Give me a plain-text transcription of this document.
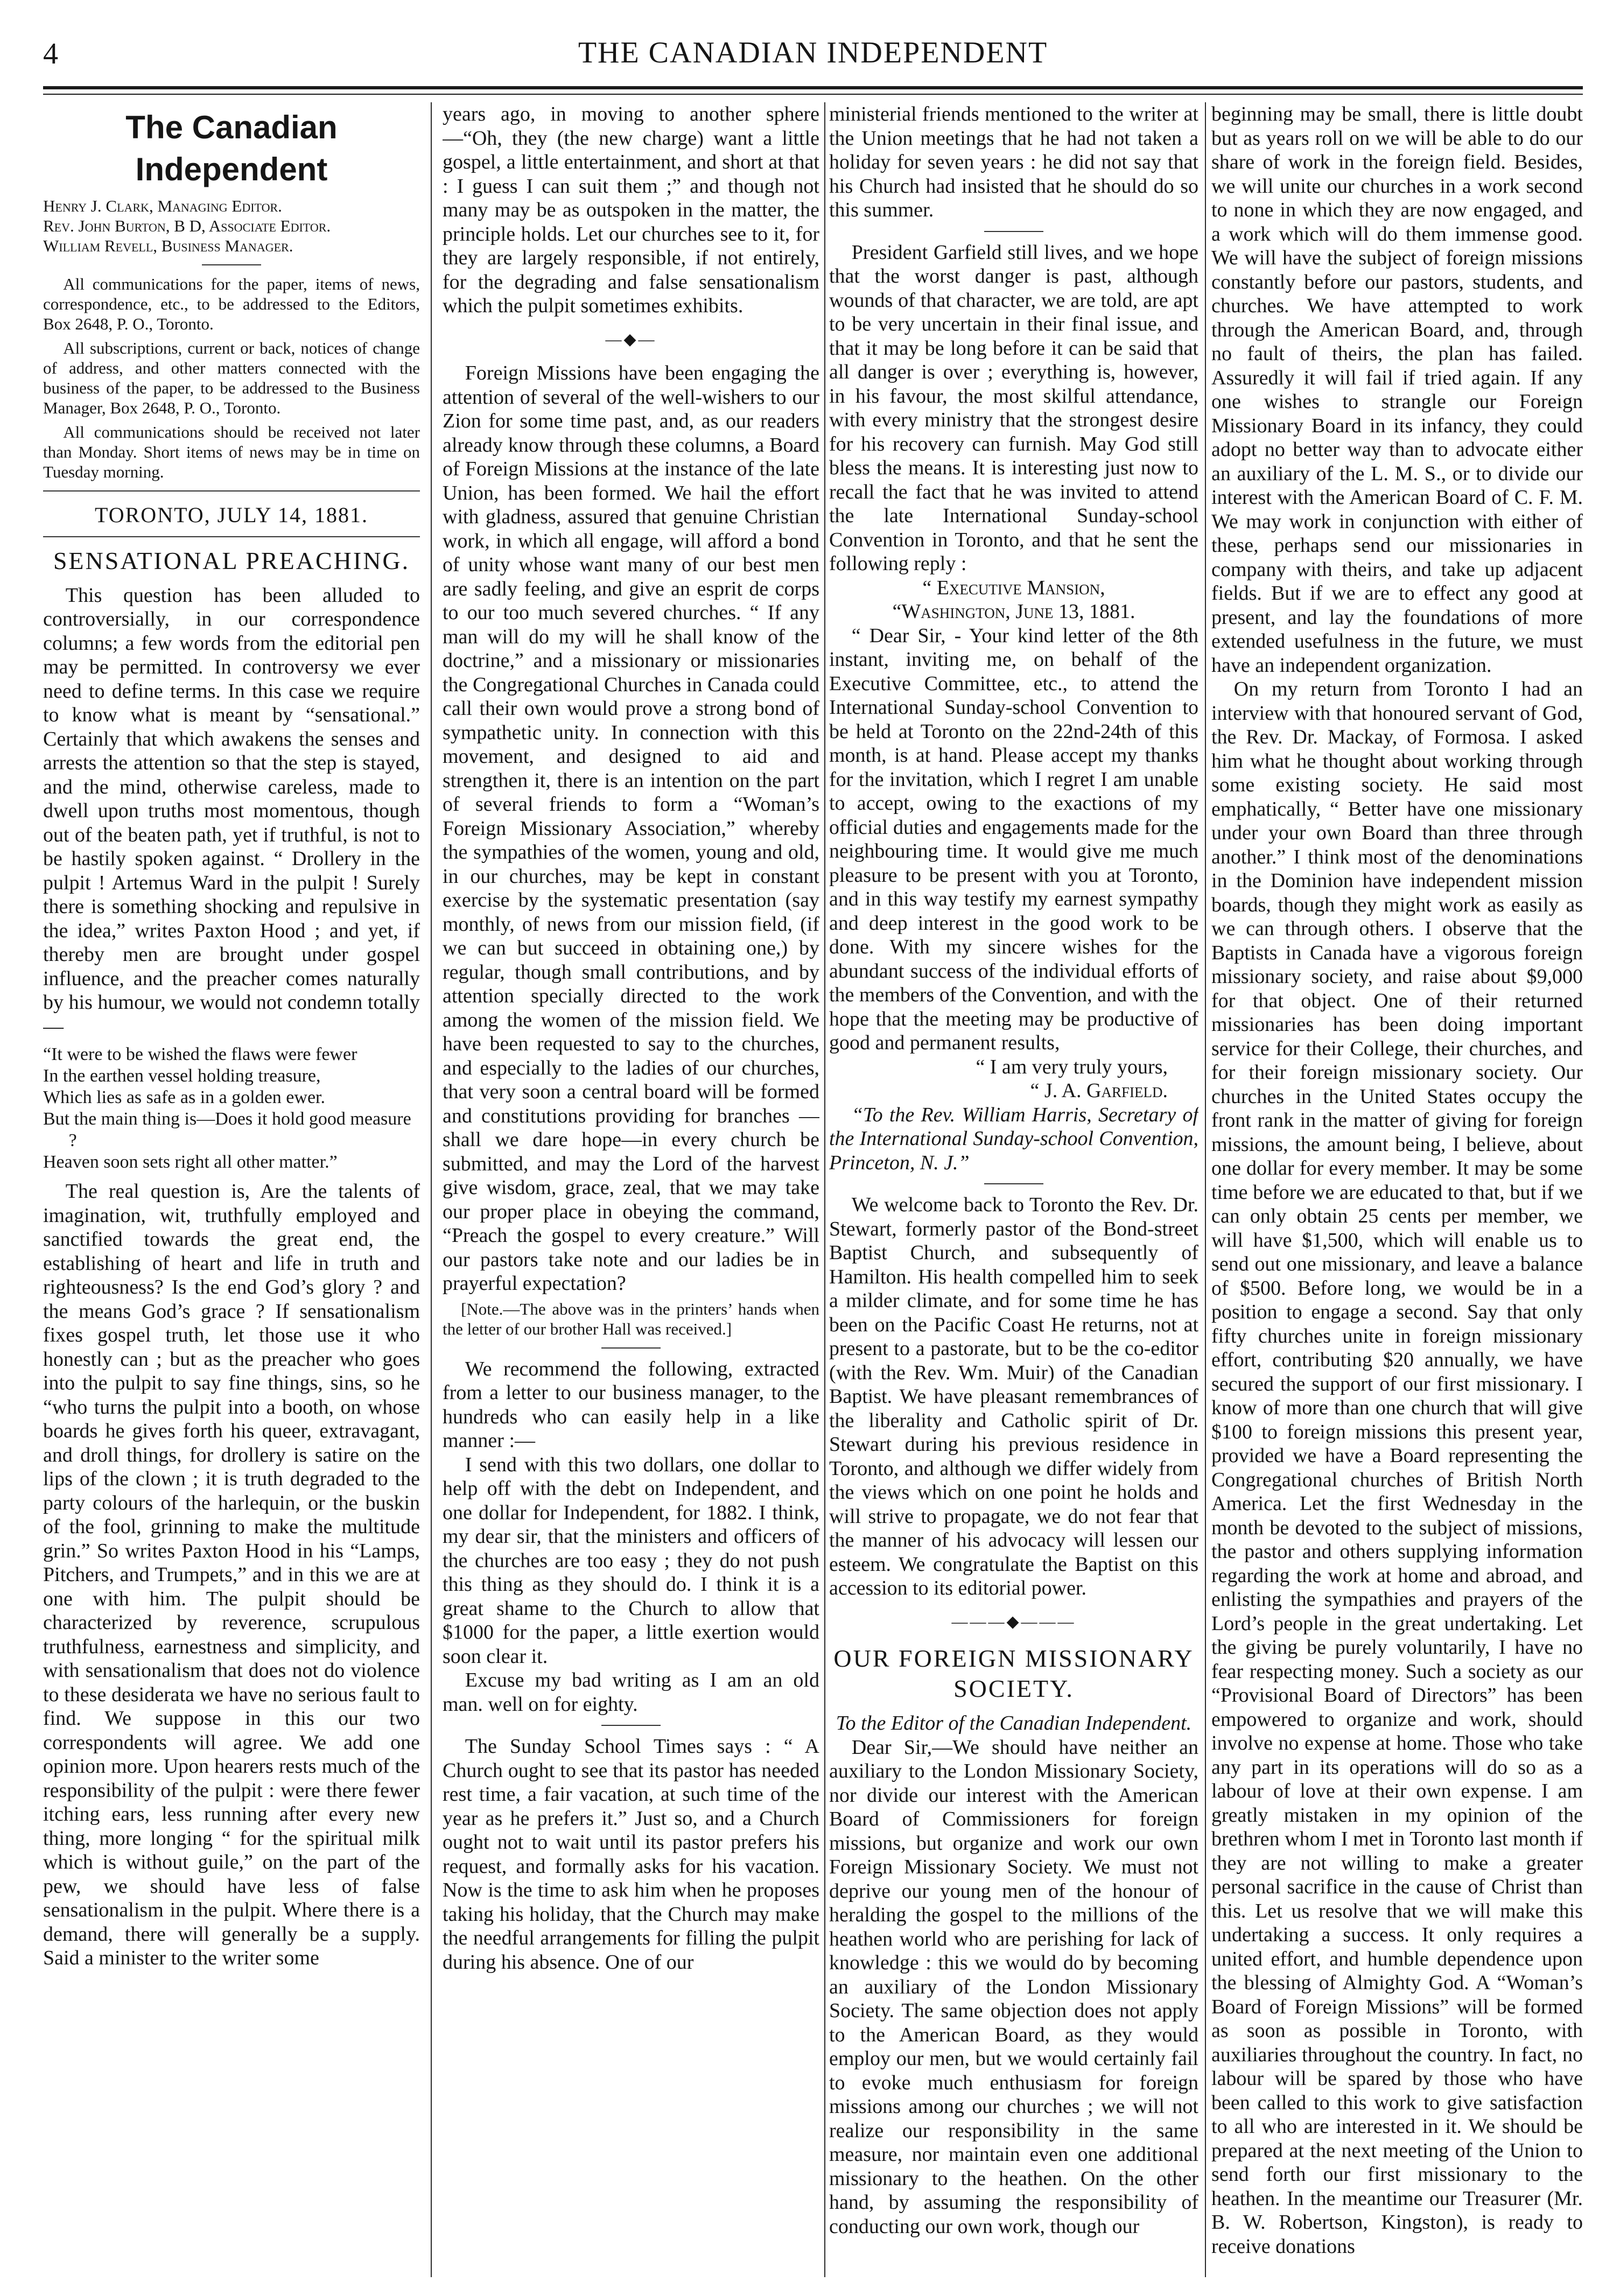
4	THE CANADIAN INDEPENDENT
The Canadian Independent

Henry J. Clark, Managing Editor.

Rev. John Burton, B D, Associate Editor.

William Revell, Business Manager.

All communications for the paper, items of news, correspondence, etc., to be addressed to the Editors, Box 2648, P. O., Toronto.

All subscriptions, current or back, notices of change of address, and other matters connected with the business of the paper, to be addressed to the Business Manager, Box 2648, P. O., Toronto.

All communications should be received not later than Monday. Short items of news may be in time on Tuesday morning.

TORONTO, JULY 14, 1881.
SENSATIONAL PREACHING.

This question has been alluded to controversially, in our correspondence columns; a few words from the editorial pen may be permitted. In controversy we ever need to define terms. In this case we require to know what is meant by “sensational.” Certainly that which awakens the senses and arrests the attention so that the step is stayed, and the mind, otherwise careless, made to dwell upon truths most momentous, though out of the beaten path, yet if truthful, is not to be hastily spoken against. “ Drollery in the pulpit ! Artemus Ward in the pulpit ! Surely there is something shocking and repulsive in the idea,” writes Paxton Hood ; and yet, if thereby men are brought under gospel influence, and the preacher comes naturally by his humour, we would not condemn totally —

“It were to be wished the flaws were fewer
In the earthen vessel holding treasure,
Which lies as safe as in a golden ewer.
But the main thing is—Does it hold good measure ?
Heaven soon sets right all other matter.”

The real question is, Are the talents of imagination, wit, truthfully employed and sanctified towards the great end, the establishing of heart and life in truth and righteousness? Is the end God’s glory ? and the means God’s grace ? If sensationalism fixes gospel truth, let those use it who honestly can ; but as the preacher who goes into the pulpit to say fine things, sins, so he “who turns the pulpit into a booth, on whose boards he gives forth his queer, extravagant, and droll things, for drollery is satire on the lips of the clown ; it is truth degraded to the party colours of the harlequin, or the buskin of the fool, grinning to make the multitude grin.” So writes Paxton Hood in his “Lamps, Pitchers, and Trumpets,” and in this we are at one with him. The pulpit should be characterized by reverence, scrupulous truthfulness, earnestness and simplicity, and with sensationalism that does not do violence to these desiderata we have no serious fault to find. We suppose in this our two correspondents will agree. We add one opinion more. Upon hearers rests much of the responsibility of the pulpit : were there fewer itching ears, less running after every new thing, more longing “ for the spiritual milk which is without guile,” on the part of the pew, we should have less of false sensationalism in the pulpit. Where there is a demand, there will generally be a supply. Said a minister to the writer some

years ago, in moving to another sphere—“Oh, they (the new charge) want a little gospel, a little entertainment, and short at that : I guess I can suit them ;” and though not many may be as outspoken in the matter, the principle holds. Let our churches see to it, for they are largely responsible, if not entirely, for the degrading and false sensationalism which the pulpit sometimes exhibits.

—◆—

Foreign Missions have been engaging the attention of several of the well-wishers to our Zion for some time past, and, as our readers already know through these columns, a Board of Foreign Missions at the instance of the late Union, has been formed. We hail the effort with gladness, assured that genuine Christian work, in which all engage, will afford a bond of unity whose want many of our best men are sadly feeling, and give an esprit de corps to our too much severed churches. “ If any man will do my will he shall know of the doctrine,” and a missionary or missionaries the Congregational Churches in Canada could call their own would prove a strong bond of sympathetic unity. In connection with this movement, and designed to aid and strengthen it, there is an intention on the part of several friends to form a “Woman’s Foreign Missionary Association,” whereby the sympathies of the women, young and old, in our churches, may be kept in constant exercise by the systematic presentation (say monthly, of news from our mission field, (if we can but succeed in obtaining one,) by regular, though small contributions, and by attention specially directed to the work among the women of the mission field. We have been requested to say to the churches, and especially to the ladies of our churches, that very soon a central board will be formed and constitutions providing for branches —shall we dare hope—in every church be submitted, and may the Lord of the harvest give wisdom, grace, zeal, that we may take our proper place in obeying the command, “Preach the gospel to every creature.” Will our pastors take note and our ladies be in prayerful expectation?

[Note.—The above was in the printers’ hands when the letter of our brother Hall was received.]

We recommend the following, extracted from a letter to our business manager, to the hundreds who can easily help in a like manner :—

I send with this two dollars, one dollar to help off with the debt on Independent, and one dollar for Independent, for 1882. I think, my dear sir, that the ministers and officers of the churches are too easy ; they do not push this thing as they should do. I think it is a great shame to the Church to allow that $1000 for the paper, a little exertion would soon clear it.

Excuse my bad writing as I am an old man. well on for eighty.

The Sunday School Times says : “ A Church ought to see that its pastor has needed rest time, a fair vacation, at such time of the year as he prefers it.” Just so, and a Church ought not to wait until its pastor prefers his request, and formally asks for his vacation. Now is the time to ask him when he proposes taking his holiday, that the Church may make the needful arrangements for filling the pulpit during his absence. One of our

ministerial friends mentioned to the writer at the Union meetings that he had not taken a holiday for seven years : he did not say that his Church had insisted that he should do so this summer.

President Garfield still lives, and we hope that the worst danger is past, although wounds of that character, we are told, are apt to be very uncertain in their final issue, and that it may be long before it can be said that all danger is over ; everything is, however, in his favour, the most skilful attendance, with every ministry that the strongest desire for his recovery can furnish. May God still bless the means. It is interesting just now to recall the fact that he was invited to attend the late International Sunday-school Convention in Toronto, and that he sent the following reply :

“ Executive Mansion,

“Washington, June 13, 1881.

“ Dear Sir, - Your kind letter of the 8th instant, inviting me, on behalf of the Executive Committee, etc., to attend the International Sunday-school Convention to be held at Toronto on the 22nd-24th of this month, is at hand. Please accept my thanks for the invitation, which I regret I am unable to accept, owing to the exactions of my official duties and engagements made for the neighbouring time. It would give me much pleasure to be present with you at Toronto, and in this way testify my earnest sympathy and deep interest in the good work to be done. With my sincere wishes for the abundant success of the individual efforts of the members of the Convention, and with the hope that the meeting may be productive of good and permanent results,

“ I am very truly yours,

“ J. A. Garfield.

“To the Rev. William Harris, Secretary of the International Sunday-school Convention, Princeton, N. J.”

We welcome back to Toronto the Rev. Dr. Stewart, formerly pastor of the Bond-street Baptist Church, and subsequently of Hamilton. His health compelled him to seek a milder climate, and for some time he has been on the Pacific Coast He returns, not at present to a pastorate, but to be the co-editor (with the Rev. Wm. Muir) of the Canadian Baptist. We have pleasant remembrances of the liberality and Catholic spirit of Dr. Stewart during his previous residence in Toronto, and although we differ widely from the views which on one point he holds and will strive to propagate, we do not fear that the manner of his advocacy will lessen our esteem. We congratulate the Baptist on this accession to its editorial power.

———◆———
OUR FOREIGN MISSIONARY SOCIETY.

To the Editor of the Canadian Independent.

Dear Sir,—We should have neither an auxiliary to the London Missionary Society, nor divide our interest with the American Board of Commissioners for foreign missions, but organize and work our own Foreign Missionary Society. We must not deprive our young men of the honour of heralding the gospel to the millions of the heathen world who are perishing for lack of knowledge : this we would do by becoming an auxiliary of the London Missionary Society. The same objection does not apply to the American Board, as they would employ our men, but we would certainly fail to evoke much enthusiasm for foreign missions among our churches ; we will not realize our responsibility in the same measure, nor maintain even one additional missionary to the heathen. On the other hand, by assuming the responsibility of conducting our own work, though our

beginning may be small, there is little doubt but as years roll on we will be able to do our share of work in the foreign field. Besides, we will unite our churches in a work second to none in which they are now engaged, and a work which will do them immense good. We will have the subject of foreign missions constantly before our pastors, students, and churches. We have attempted to work through the American Board, and, through no fault of theirs, the plan has failed. Assuredly it will fail if tried again. If any one wishes to strangle our Foreign Missionary Board in its infancy, they could adopt no better way than to advocate either an auxiliary of the L. M. S., or to divide our interest with the American Board of C. F. M. We may work in conjunction with either of these, perhaps send our missionaries in company with theirs, and take up adjacent fields. But if we are to effect any good at present, and lay the foundations of more extended usefulness in the future, we must have an independent organization.

On my return from Toronto I had an interview with that honoured servant of God, the Rev. Dr. Mackay, of Formosa. I asked him what he thought about working through some existing society. He said most emphatically, “ Better have one missionary under your own Board than three through another.” I think most of the denominations in the Dominion have independent mission boards, though they might work as easily as we can through others. I observe that the Baptists in Canada have a vigorous foreign missionary society, and raise about $9,000 for that object. One of their returned missionaries has been doing important service for their College, their churches, and for their foreign missionary society. Our churches in the United States occupy the front rank in the matter of giving for foreign missions, the amount being, I believe, about one dollar for every member. It may be some time before we are educated to that, but if we can only obtain 25 cents per member, we will have $1,500, which will enable us to send out one missionary, and leave a balance of $500. Before long, we would be in a position to engage a second. Say that only fifty churches unite in foreign missionary effort, contributing $20 annually, we have secured the support of our first missionary. I know of more than one church that will give $100 to foreign missions this present year, provided we have a Board representing the Congregational churches of British North America. Let the first Wednesday in the month be devoted to the subject of missions, the pastor and others supplying information regarding the work at home and abroad, and enlisting the sympathies and prayers of the Lord’s people in the great undertaking. Let the giving be purely voluntarily, I have no fear respecting money. Such a society as our “Provisional Board of Directors” has been empowered to organize and work, should involve no expense at home. Those who take any part in its operations will do so as a labour of love at their own expense. I am greatly mistaken in my opinion of the brethren whom I met in Toronto last month if they are not willing to make a greater personal sacrifice in the cause of Christ than this. Let us resolve that we will make this undertaking a success. It only requires a united effort, and humble dependence upon the blessing of Almighty God. A “Woman’s Board of Foreign Missions” will be formed as soon as possible in Toronto, with auxiliaries throughout the country. In fact, no labour will be spared by those who have been called to this work to give satisfaction to all who are interested in it. We should be prepared at the next meeting of the Union to send forth our first missionary to the heathen. In the meantime our Treasurer (Mr. B. W. Robertson, Kingston), is ready to receive donations
